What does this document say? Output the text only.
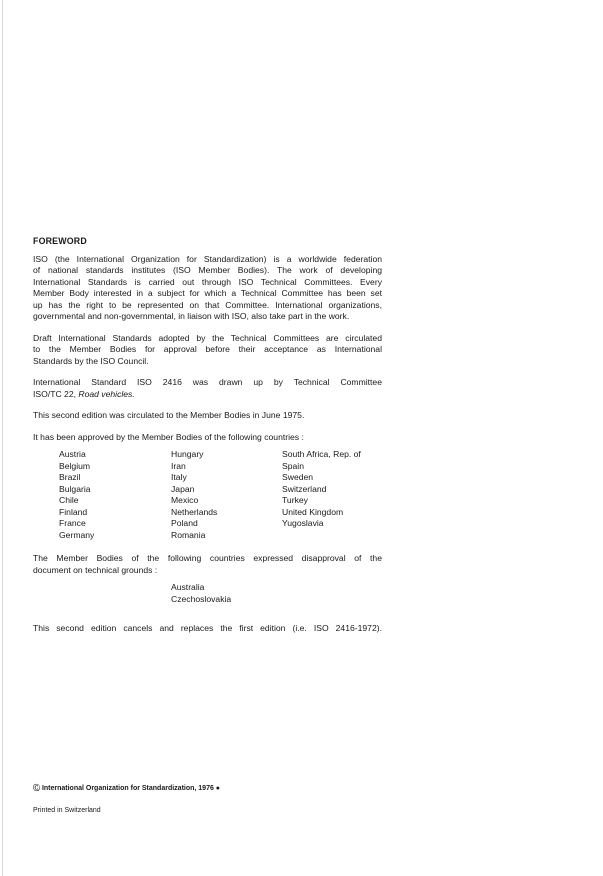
FOREWORD

ISO (the International Organization for Standardization) is a worldwide federation
of national standards institutes (ISO Member Bodies). The work of developing
International Standards is carried out through ISO Technical Committees. Every
Member Body interested in a subject for which a Technical Committee has been set
up has the right to be represented on that Committee. International organizations,
governmental and non-governmental, in liaison with ISO, also take part in the work.

Draft International Standards adopted by the Technical Committees are circulated
to the Member Bodies for approval before their acceptance as International
Standards by the ISO Council.

International Standard ISO 2416 was drawn up by Technical Committee
ISO/TC 22, Road vehicles.

This second edition was circulated to the Member Bodies in June 1975.

It has been approved by the Member Bodies of the following countries :

Austria
Belgium
Brazil
Bulgaria
Chile
Finland
France
Germany
Hungary
Iran
Italy
Japan
Mexico
Netherlands
Poland
Romania
South Africa, Rep. of
Spain
Sweden
Switzerland
Turkey
United Kingdom
Yugoslavia

The Member Bodies of the following countries expressed disapproval of the
document on technical grounds :

Australia
Czechoslovakia

This second edition cancels and replaces the first edition (i.e. ISO 2416-1972).

Ⓒ International Organization for Standardization, 1976 ●
Printed in Switzerland
